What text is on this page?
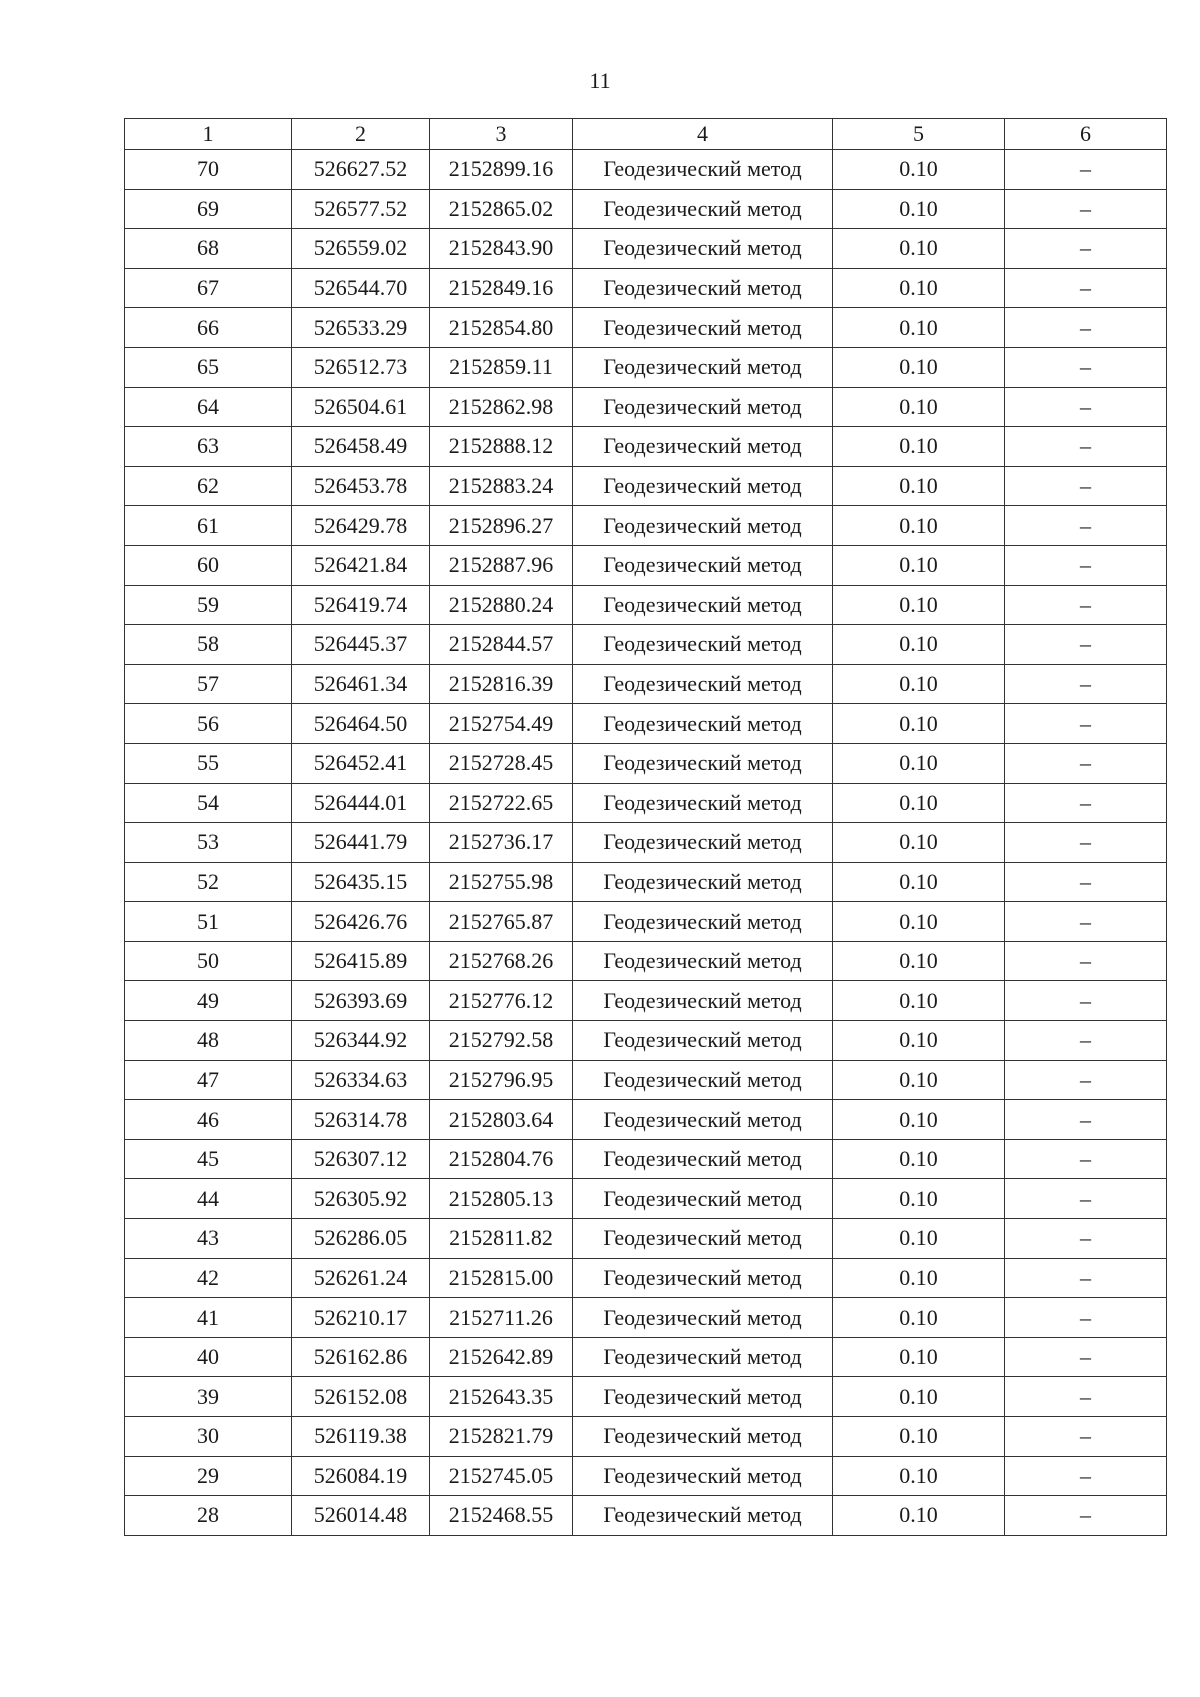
11
1	2	3	4	5	6
70	526627.52	2152899.16	Геодезический метод	0.10	–
69	526577.52	2152865.02	Геодезический метод	0.10	–
68	526559.02	2152843.90	Геодезический метод	0.10	–
67	526544.70	2152849.16	Геодезический метод	0.10	–
66	526533.29	2152854.80	Геодезический метод	0.10	–
65	526512.73	2152859.11	Геодезический метод	0.10	–
64	526504.61	2152862.98	Геодезический метод	0.10	–
63	526458.49	2152888.12	Геодезический метод	0.10	–
62	526453.78	2152883.24	Геодезический метод	0.10	–
61	526429.78	2152896.27	Геодезический метод	0.10	–
60	526421.84	2152887.96	Геодезический метод	0.10	–
59	526419.74	2152880.24	Геодезический метод	0.10	–
58	526445.37	2152844.57	Геодезический метод	0.10	–
57	526461.34	2152816.39	Геодезический метод	0.10	–
56	526464.50	2152754.49	Геодезический метод	0.10	–
55	526452.41	2152728.45	Геодезический метод	0.10	–
54	526444.01	2152722.65	Геодезический метод	0.10	–
53	526441.79	2152736.17	Геодезический метод	0.10	–
52	526435.15	2152755.98	Геодезический метод	0.10	–
51	526426.76	2152765.87	Геодезический метод	0.10	–
50	526415.89	2152768.26	Геодезический метод	0.10	–
49	526393.69	2152776.12	Геодезический метод	0.10	–
48	526344.92	2152792.58	Геодезический метод	0.10	–
47	526334.63	2152796.95	Геодезический метод	0.10	–
46	526314.78	2152803.64	Геодезический метод	0.10	–
45	526307.12	2152804.76	Геодезический метод	0.10	–
44	526305.92	2152805.13	Геодезический метод	0.10	–
43	526286.05	2152811.82	Геодезический метод	0.10	–
42	526261.24	2152815.00	Геодезический метод	0.10	–
41	526210.17	2152711.26	Геодезический метод	0.10	–
40	526162.86	2152642.89	Геодезический метод	0.10	–
39	526152.08	2152643.35	Геодезический метод	0.10	–
30	526119.38	2152821.79	Геодезический метод	0.10	–
29	526084.19	2152745.05	Геодезический метод	0.10	–
28	526014.48	2152468.55	Геодезический метод	0.10	–
